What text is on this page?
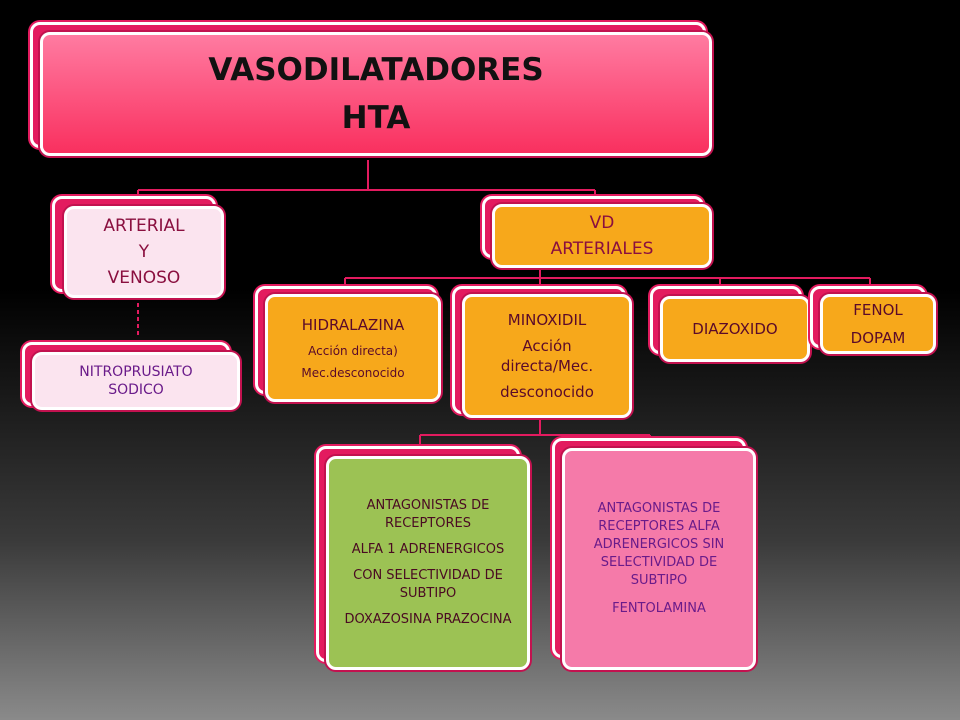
VASODILATADORES
HTA
ARTERIAL
Y
VENOSO
VD
ARTERIALES
NITROPRUSIATO
SODICO
HIDRALAZINA
Acción directa)
Mec.desconocido
MINOXIDIL
Acción
directa/Mec.
desconocido
DIAZOXIDO
FENOL
DOPAM
ANTAGONISTAS DE RECEPTORES
ALFA 1 ADRENERGICOS
CON SELECTIVIDAD DE SUBTIPO
DOXAZOSINA PRAZOCINA
ANTAGONISTAS DE RECEPTORES ALFA ADRENERGICOS SIN SELECTIVIDAD DE SUBTIPO
FENTOLAMINA
